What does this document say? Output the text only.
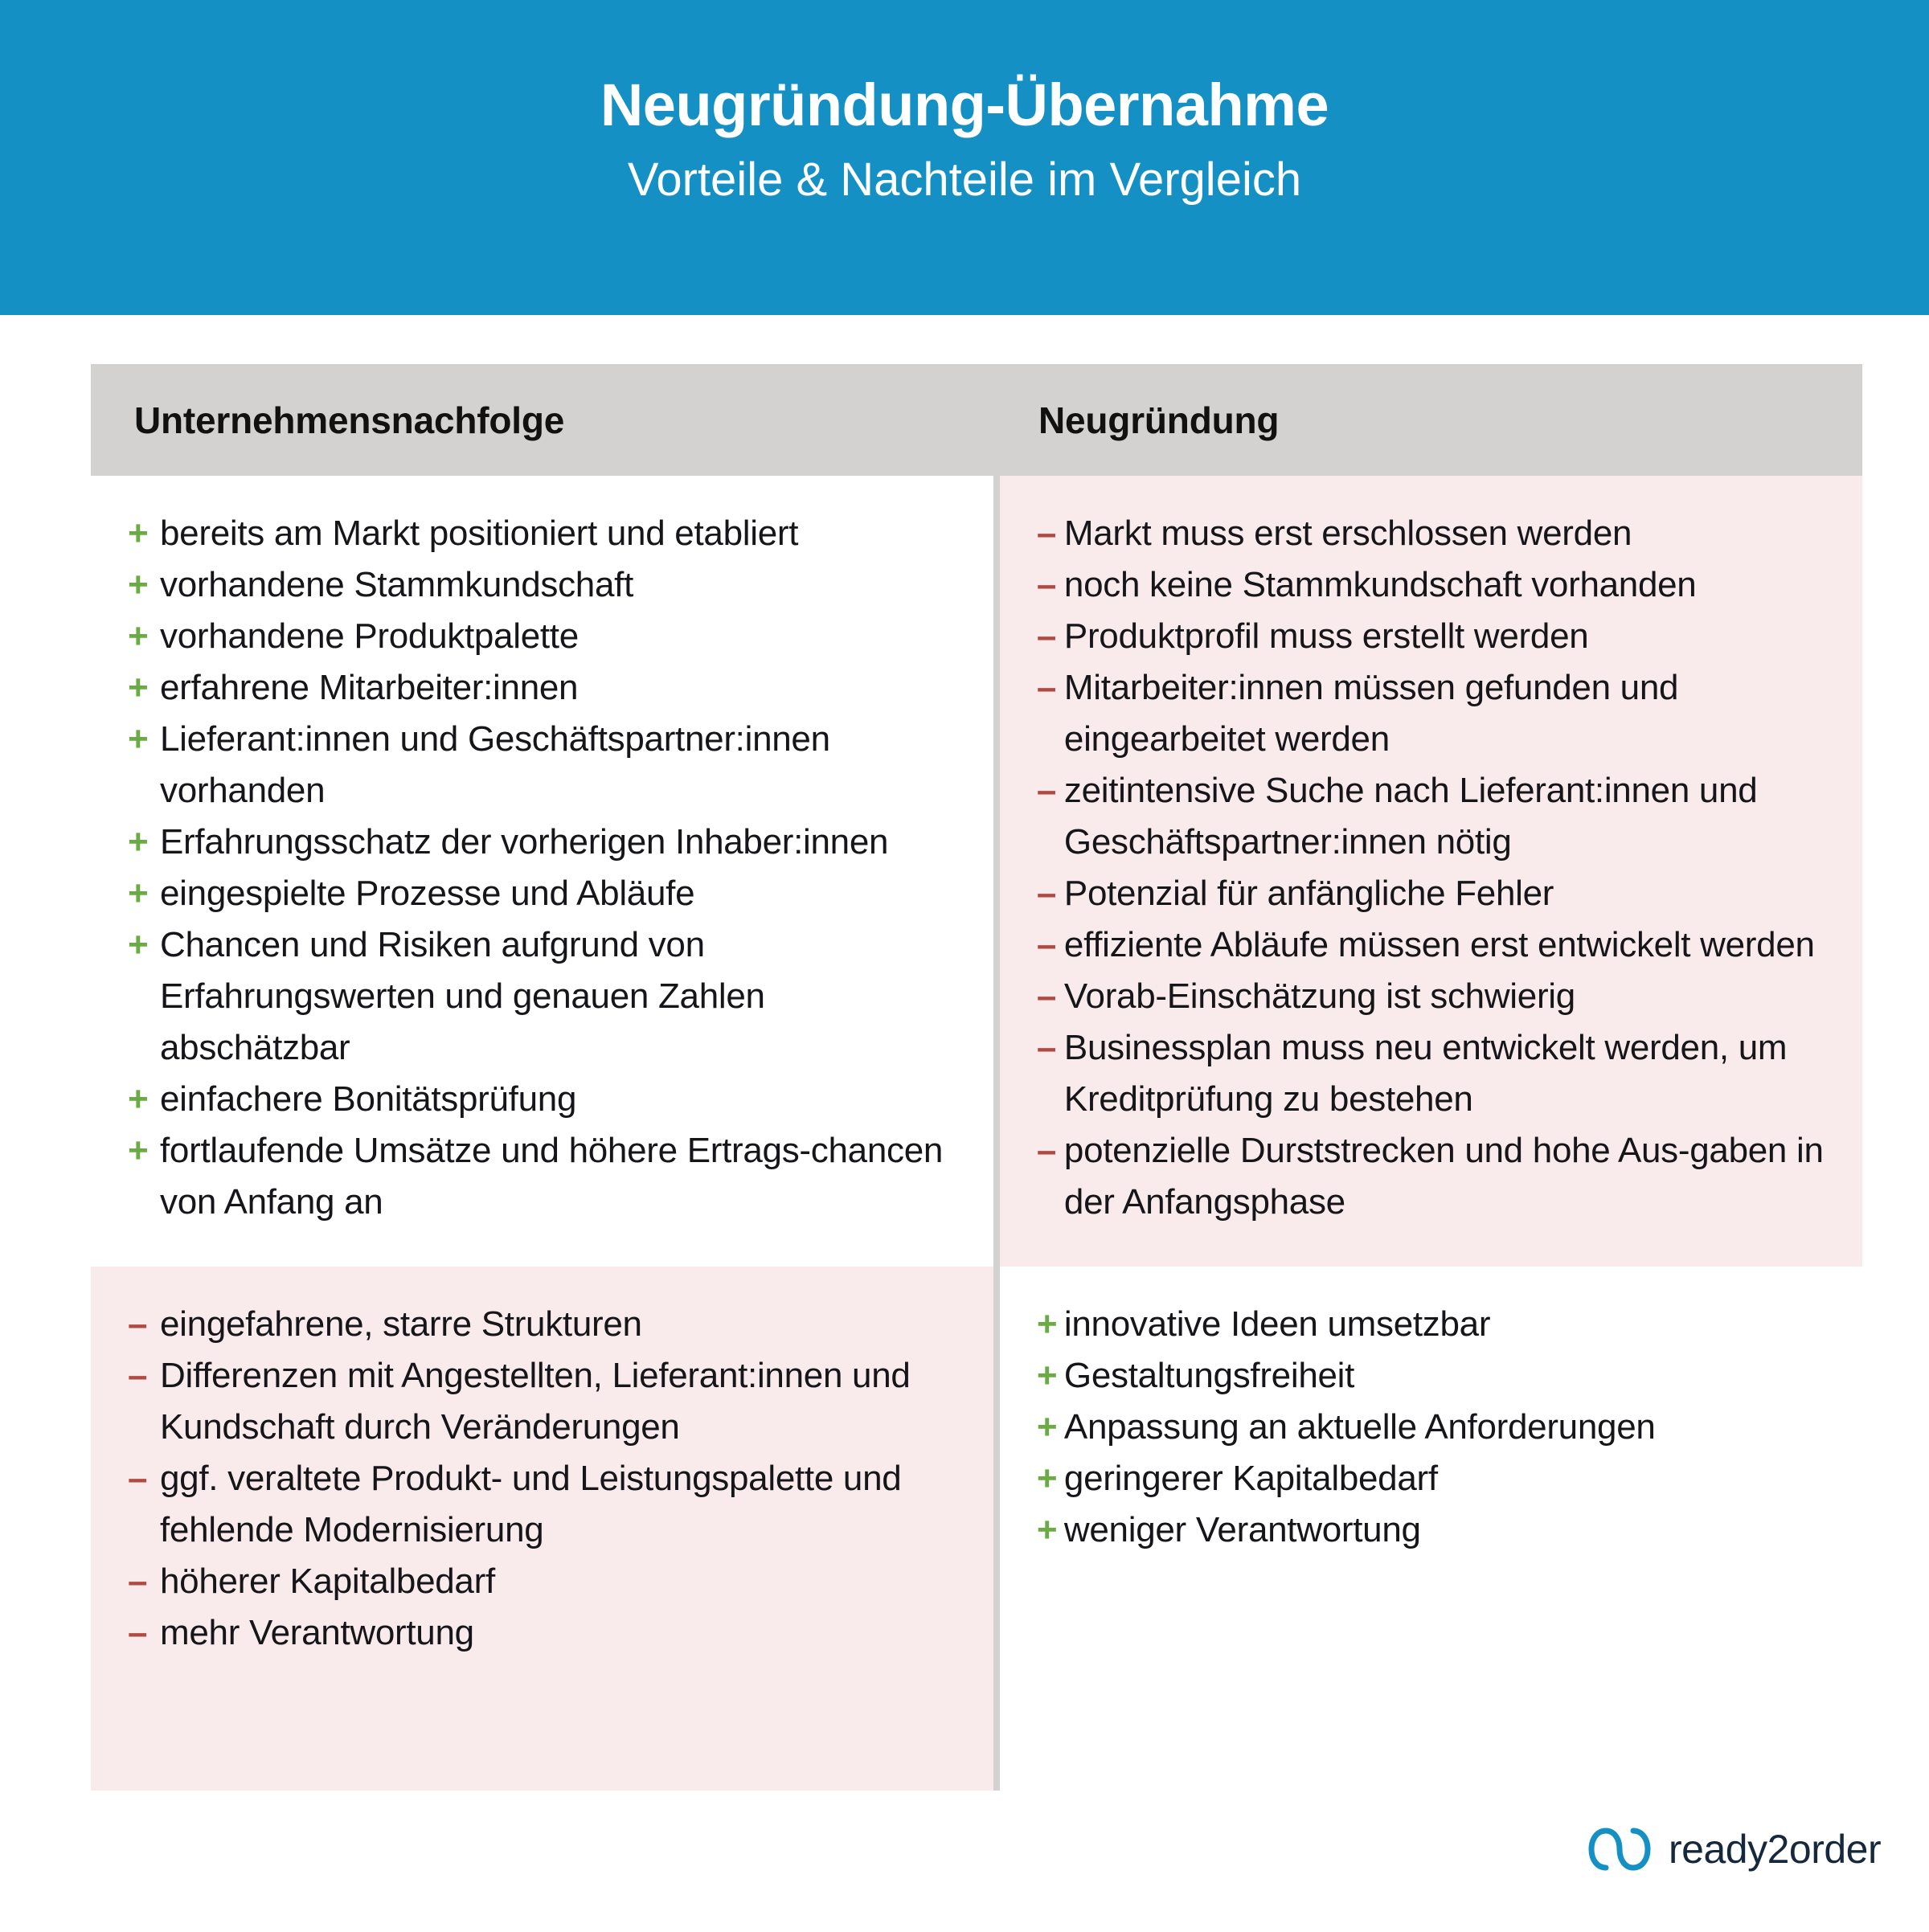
Neugründung-Übernahme
Vorteile & Nachteile im Vergleich
Unternehmensnachfolge	Neugründung
+ bereits am Markt positioniert und etabliert
+ vorhandene Stammkundschaft
+ vorhandene Produktpalette
+ erfahrene Mitarbeiter:innen
+ Lieferant:innen und Geschäftspartner:innen vorhanden
+ Erfahrungsschatz der vorherigen Inhaber:innen
+ eingespielte Prozesse und Abläufe
+ Chancen und Risiken aufgrund von Erfahrungswerten und genauen Zahlen abschätzbar
+ einfachere Bonitätsprüfung
+ fortlaufende Umsätze und höhere Ertrags-chancen von Anfang an
– eingefahrene, starre Strukturen
– Differenzen mit Angestellten, Lieferant:innen und Kundschaft durch Veränderungen
– ggf. veraltete Produkt- und Leistungspalette und fehlende Modernisierung
– höherer Kapitalbedarf
– mehr Verantwortung
– Markt muss erst erschlossen werden
– noch keine Stammkundschaft vorhanden
– Produktprofil muss erstellt werden
– Mitarbeiter:innen müssen gefunden und eingearbeitet werden
– zeitintensive Suche nach Lieferant:innen und Geschäftspartner:innen nötig
– Potenzial für anfängliche Fehler
– effiziente Abläufe müssen erst entwickelt werden
– Vorab-Einschätzung ist schwierig
– Businessplan muss neu entwickelt werden, um Kreditprüfung zu bestehen
– potenzielle Durststrecken und hohe Aus-gaben in der Anfangsphase
+ innovative Ideen umsetzbar
+ Gestaltungsfreiheit
+ Anpassung an aktuelle Anforderungen
+ geringerer Kapitalbedarf
+ weniger Verantwortung
ready2order
